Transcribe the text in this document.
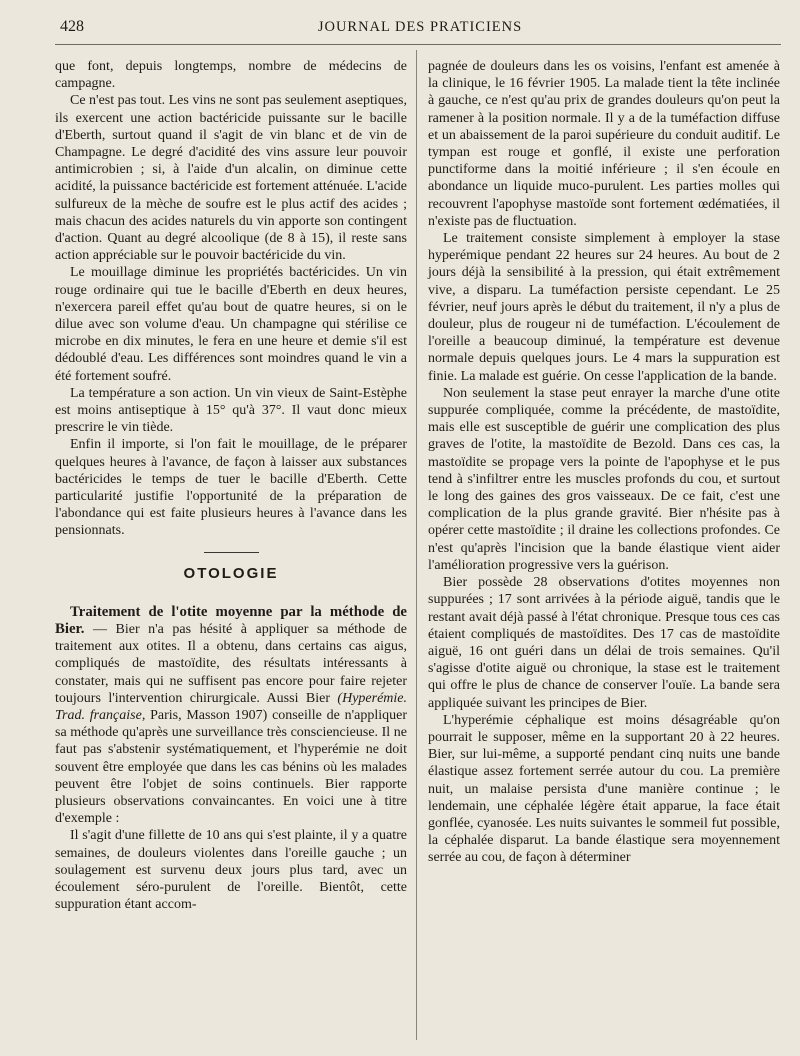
428	JOURNAL DES PRATICIENS

que font, depuis longtemps, nombre de médecins de campagne.

Ce n'est pas tout. Les vins ne sont pas seulement aseptiques, ils exercent une action bactéricide puissante sur le bacille d'Eberth, surtout quand il s'agit de vin blanc et de vin de Champagne. Le degré d'acidité des vins assure leur pouvoir antimicrobien ; si, à l'aide d'un alcalin, on diminue cette acidité, la puissance bactéricide est fortement atténuée. L'acide sulfureux de la mèche de soufre est le plus actif des acides ; mais chacun des acides naturels du vin apporte son contingent d'action. Quant au degré alcoolique (de 8 à 15), il reste sans action appréciable sur le pouvoir bactéricide du vin.

Le mouillage diminue les propriétés bactéricides. Un vin rouge ordinaire qui tue le bacille d'Eberth en deux heures, n'exercera pareil effet qu'au bout de quatre heures, si on le dilue avec son volume d'eau. Un champagne qui stérilise ce microbe en dix minutes, le fera en une heure et demie s'il est dédoublé d'eau. Les différences sont moindres quand le vin a été fortement soufré.

La température a son action. Un vin vieux de Saint-Estèphe est moins antiseptique à 15° qu'à 37°. Il vaut donc mieux prescrire le vin tiède.

Enfin il importe, si l'on fait le mouillage, de le préparer quelques heures à l'avance, de façon à laisser aux substances bactéricides le temps de tuer le bacille d'Eberth. Cette particularité justifie l'opportunité de la préparation de l'abondance qui est faite plusieurs heures à l'avance dans les pensionnats.

OTOLOGIE

Traitement de l'otite moyenne par la méthode de Bier. — Bier n'a pas hésité à appliquer sa méthode de traitement aux otites. Il a obtenu, dans certains cas aigus, compliqués de mastoïdite, des résultats intéressants à constater, mais qui ne suffisent pas encore pour faire rejeter toujours l'intervention chirurgicale. Aussi Bier (Hyperémie. Trad. française, Paris, Masson 1907) conseille de n'appliquer sa méthode qu'après une surveillance très consciencieuse. Il ne faut pas s'abstenir systématiquement, et l'hyperémie ne doit souvent être employée que dans les cas bénins où les malades peuvent être l'objet de soins continuels. Bier rapporte plusieurs observations convaincantes. En voici une à titre d'exemple :

Il s'agit d'une fillette de 10 ans qui s'est plainte, il y a quatre semaines, de douleurs violentes dans l'oreille gauche ; un soulagement est survenu deux jours plus tard, avec un écoulement séro-purulent de l'oreille. Bientôt, cette suppuration étant accom-

pagnée de douleurs dans les os voisins, l'enfant est amenée à la clinique, le 16 février 1905. La malade tient la tête inclinée à gauche, ce n'est qu'au prix de grandes douleurs qu'on peut la ramener à la position normale. Il y a de la tuméfaction diffuse et un abaissement de la paroi supérieure du conduit auditif. Le tympan est rouge et gonflé, il existe une perforation punctiforme dans la moitié inférieure ; il s'en écoule en abondance un liquide muco-purulent. Les parties molles qui recouvrent l'apophyse mastoïde sont fortement œdématiées, il n'existe pas de fluctuation.

Le traitement consiste simplement à employer la stase hyperémique pendant 22 heures sur 24 heures. Au bout de 2 jours déjà la sensibilité à la pression, qui était extrêmement vive, a disparu. La tuméfaction persiste cependant. Le 25 février, neuf jours après le début du traitement, il n'y a plus de douleur, plus de rougeur ni de tuméfaction. L'écoulement de l'oreille a beaucoup diminué, la température est devenue normale depuis quelques jours. Le 4 mars la suppuration est finie. La malade est guérie. On cesse l'application de la bande.

Non seulement la stase peut enrayer la marche d'une otite suppurée compliquée, comme la précédente, de mastoïdite, mais elle est susceptible de guérir une complication des plus graves de l'otite, la mastoïdite de Bezold. Dans ces cas, la mastoïdite se propage vers la pointe de l'apophyse et le pus tend à s'infiltrer entre les muscles profonds du cou, et surtout le long des gaines des gros vaisseaux. De ce fait, c'est une complication de la plus grande gravité. Bier n'hésite pas à opérer cette mastoïdite ; il draine les collections profondes. Ce n'est qu'après l'incision que la bande élastique vient aider l'amélioration progressive vers la guérison.

Bier possède 28 observations d'otites moyennes non suppurées ; 17 sont arrivées à la période aiguë, tandis que le restant avait déjà passé à l'état chronique. Presque tous ces cas étaient compliqués de mastoïdites. Des 17 cas de mastoïdite aiguë, 16 ont guéri dans un délai de trois semaines. Qu'il s'agisse d'otite aiguë ou chronique, la stase est le traitement qui offre le plus de chance de conserver l'ouïe. La bande sera appliquée suivant les principes de Bier.

L'hyperémie céphalique est moins désagréable qu'on pourrait le supposer, même en la supportant 20 à 22 heures. Bier, sur lui-même, a supporté pendant cinq nuits une bande élastique assez fortement serrée autour du cou. La première nuit, un malaise persista d'une manière continue ; le lendemain, une céphalée légère était apparue, la face était gonflée, cyanosée. Les nuits suivantes le sommeil fut possible, la céphalée disparut. La bande élastique sera moyennement serrée au cou, de façon à déterminer
